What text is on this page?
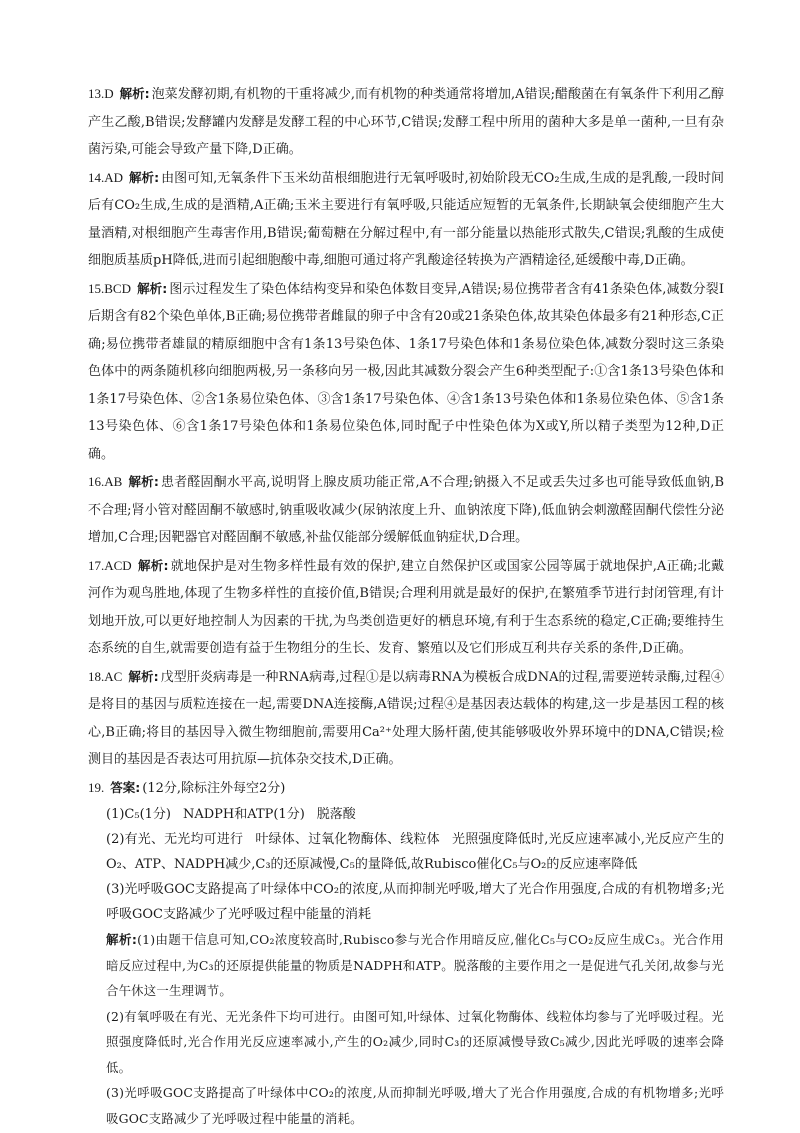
13.D 解析: 泡菜发酵初期,有机物的干重将减少,而有机物的种类通常将增加,A错误;醋酸菌在有氧条件下利用乙醇产生乙酸,B错误;发酵罐内发酵是发酵工程的中心环节,C错误;发酵工程中所用的菌种大多是单一菌种,一旦有杂菌污染,可能会导致产量下降,D正确。

14.AD 解析: 由图可知,无氧条件下玉米幼苗根细胞进行无氧呼吸时,初始阶段无CO₂生成,生成的是乳酸,一段时间后有CO₂生成,生成的是酒精,A正确;玉米主要进行有氧呼吸,只能适应短暂的无氧条件,长期缺氧会使细胞产生大量酒精,对根细胞产生毒害作用,B错误;葡萄糖在分解过程中,有一部分能量以热能形式散失,C错误;乳酸的生成使细胞质基质pH降低,进而引起细胞酸中毒,细胞可通过将产乳酸途径转换为产酒精途径,延缓酸中毒,D正确。

15.BCD 解析: 图示过程发生了染色体结构变异和染色体数目变异,A错误;易位携带者含有41条染色体,减数分裂Ⅰ后期含有82个染色单体,B正确;易位携带者雌鼠的卵子中含有20或21条染色体,故其染色体最多有21种形态,C正确;易位携带者雄鼠的精原细胞中含有1条13号染色体、1条17号染色体和1条易位染色体,减数分裂时这三条染色体中的两条随机移向细胞两极,另一条移向另一极,因此其减数分裂会产生6种类型配子:①含1条13号染色体和1条17号染色体、②含1条易位染色体、③含1条17号染色体、④含1条13号染色体和1条易位染色体、⑤含1条13号染色体、⑥含1条17号染色体和1条易位染色体,同时配子中性染色体为X或Y,所以精子类型为12种,D正确。

16.AB 解析: 患者醛固酮水平高,说明肾上腺皮质功能正常,A不合理;钠摄入不足或丢失过多也可能导致低血钠,B不合理;肾小管对醛固酮不敏感时,钠重吸收减少(尿钠浓度上升、血钠浓度下降),低血钠会刺激醛固酮代偿性分泌增加,C合理;因靶器官对醛固酮不敏感,补盐仅能部分缓解低血钠症状,D合理。

17.ACD 解析: 就地保护是对生物多样性最有效的保护,建立自然保护区或国家公园等属于就地保护,A正确;北戴河作为观鸟胜地,体现了生物多样性的直接价值,B错误;合理利用就是最好的保护,在繁殖季节进行封闭管理,有计划地开放,可以更好地控制人为因素的干扰,为鸟类创造更好的栖息环境,有利于生态系统的稳定,C正确;要维持生态系统的自生,就需要创造有益于生物组分的生长、发育、繁殖以及它们形成互利共存关系的条件,D正确。

18.AC 解析: 戊型肝炎病毒是一种RNA病毒,过程①是以病毒RNA为模板合成DNA的过程,需要逆转录酶,过程④是将目的基因与质粒连接在一起,需要DNA连接酶,A错误;过程④是基因表达载体的构建,这一步是基因工程的核心,B正确;将目的基因导入微生物细胞前,需要用Ca²⁺处理大肠杆菌,使其能够吸收外界环境中的DNA,C错误;检测目的基因是否表达可用抗原—抗体杂交技术,D正确。

19. 答案: (12分,除标注外每空2分)

(1)C₅(1分) NADPH和ATP(1分) 脱落酸

(2)有光、无光均可进行 叶绿体、过氧化物酶体、线粒体 光照强度降低时,光反应速率减小,光反应产生的O₂、ATP、NADPH减少,C₃的还原减慢,C₅的量降低,故Rubisco催化C₅与O₂的反应速率降低

(3)光呼吸GOC支路提高了叶绿体中CO₂的浓度,从而抑制光呼吸,增大了光合作用强度,合成的有机物增多;光呼吸GOC支路减少了光呼吸过程中能量的消耗

解析:(1)由题干信息可知,CO₂浓度较高时,Rubisco参与光合作用暗反应,催化C₅与CO₂反应生成C₃。光合作用暗反应过程中,为C₃的还原提供能量的物质是NADPH和ATP。脱落酸的主要作用之一是促进气孔关闭,故参与光合午休这一生理调节。

(2)有氧呼吸在有光、无光条件下均可进行。由图可知,叶绿体、过氧化物酶体、线粒体均参与了光呼吸过程。光照强度降低时,光合作用光反应速率减小,产生的O₂减少,同时C₃的还原减慢导致C₅减少,因此光呼吸的速率会降低。

(3)光呼吸GOC支路提高了叶绿体中CO₂的浓度,从而抑制光呼吸,增大了光合作用强度,合成的有机物增多;光呼吸GOC支路减少了光呼吸过程中能量的消耗。
